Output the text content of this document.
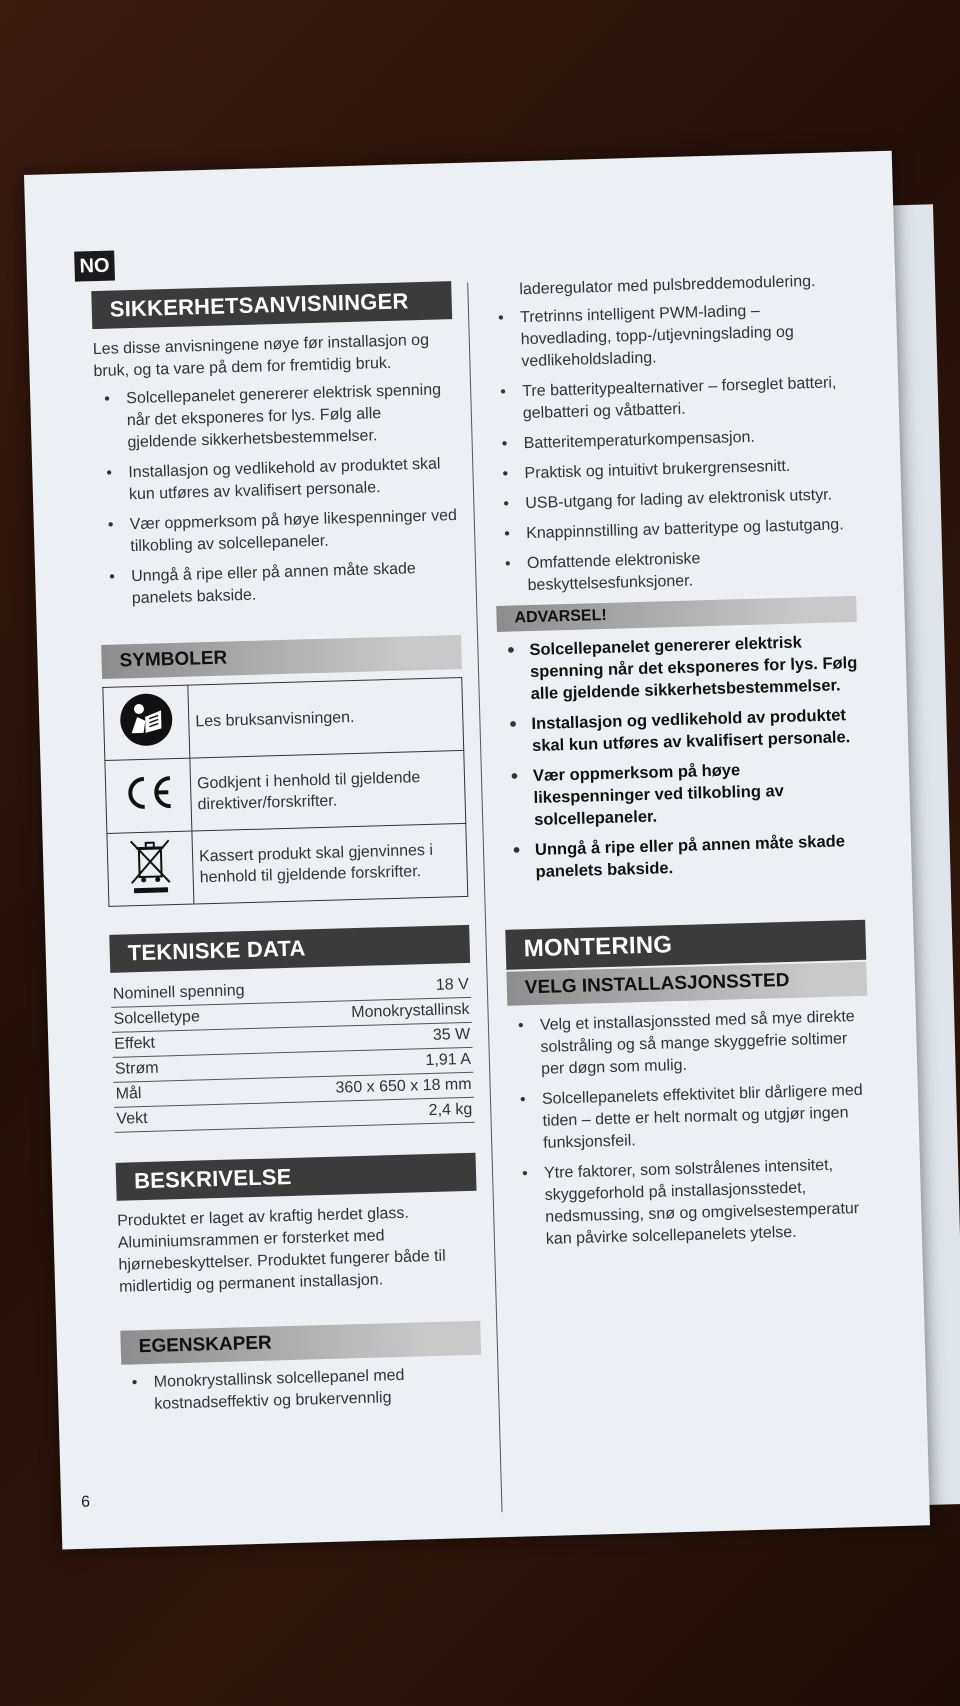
NO
SIKKERHETSANVISNINGER

Les disse anvisningene nøye før installasjon og bruk, og ta vare på dem for fremtidig bruk.

• Solcellepanelet genererer elektrisk spenning når det eksponeres for lys. Følg alle gjeldende sikkerhetsbestemmelser.
• Installasjon og vedlikehold av produktet skal kun utføres av kvalifisert personale.
• Vær oppmerksom på høye likespenninger ved tilkobling av solcellepaneler.
• Unngå å ripe eller på annen måte skade panelets bakside.
SYMBOLER
	Les bruksanvisningen.
	Godkjent i henhold til gjeldende direktiver/forskrifter.
	Kassert produkt skal gjenvinnes i henhold til gjeldende forskrifter.
TEKNISKE DATA
Nominell spenning	18 V
Solcelletype	Monokrystallinsk
Effekt	35 W
Strøm	1,91 A
Mål	360 x 650 x 18 mm
Vekt	2,4 kg
BESKRIVELSE

Produktet er laget av kraftig herdet glass. Aluminiumsrammen er forsterket med hjørnebeskyttelser. Produktet fungerer både til midlertidig og permanent installasjon.

EGENSKAPER
• Monokrystallinsk solcellepanel med kostnadseffektiv og brukervennlig
6

laderegulator med pulsbreddemodulering.

• Tretrinns intelligent PWM-lading – hovedlading, topp-/utjevningslading og vedlikeholdslading.
• Tre batteritypealternativer – forseglet batteri, gelbatteri og våtbatteri.
• Batteritemperaturkompensasjon.
• Praktisk og intuitivt brukergrensesnitt.
• USB-utgang for lading av elektronisk utstyr.
• Knappinnstilling av batteritype og lastutgang.
• Omfattende elektroniske beskyttelsesfunksjoner.
ADVARSEL!
• Solcellepanelet genererer elektrisk spenning når det eksponeres for lys. Følg alle gjeldende sikkerhetsbestemmelser.
• Installasjon og vedlikehold av produktet skal kun utføres av kvalifisert personale.
• Vær oppmerksom på høye likespenninger ved tilkobling av solcellepaneler.
• Unngå å ripe eller på annen måte skade panelets bakside.
MONTERING
VELG INSTALLASJONSSTED
• Velg et installasjonssted med så mye direkte solstråling og så mange skyggefrie soltimer per døgn som mulig.
• Solcellepanelets effektivitet blir dårligere med tiden – dette er helt normalt og utgjør ingen funksjonsfeil.
• Ytre faktorer, som solstrålenes intensitet, skyggeforhold på installasjonsstedet, nedsmussing, snø og omgivelsestemperatur kan påvirke solcellepanelets ytelse.
